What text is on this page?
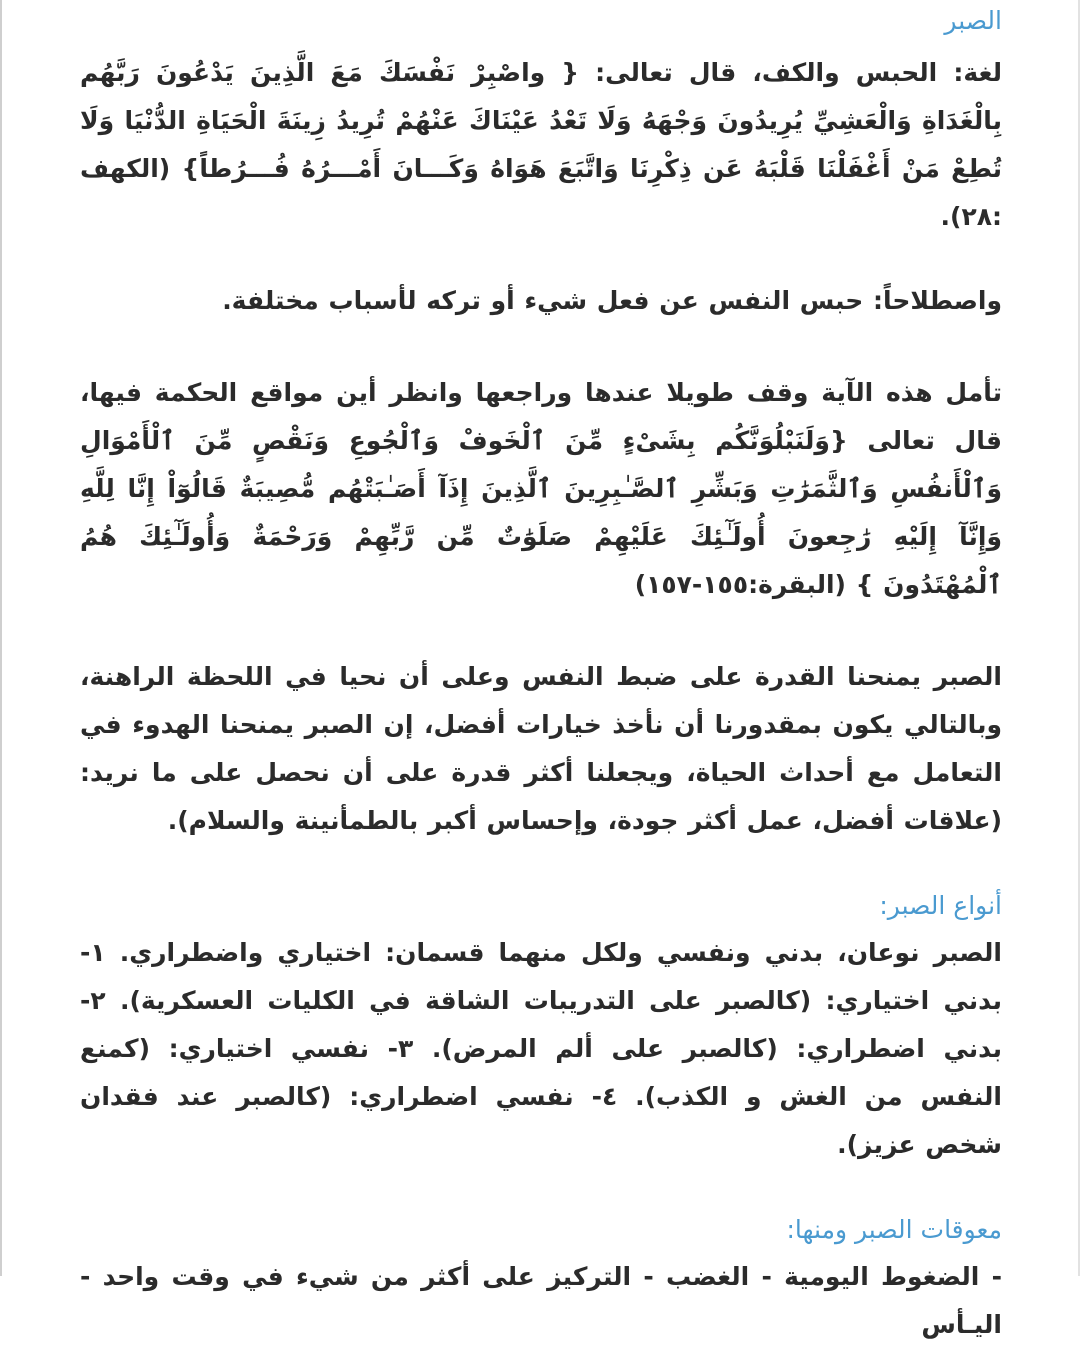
الصبر

لغة: الحبس والكف، قال تعالى: { واصْبِرْ نَفْسَكَ مَعَ الَّذِينَ يَدْعُونَ رَبَّهُم بِالْغَدَاةِ وَالْعَشِيِّ يُرِيدُونَ وَجْهَهُ وَلَا تَعْدُ عَيْنَاكَ عَنْهُمْ تُرِيدُ زِينَةَ الْحَيَاةِ الدُّنْيَا وَلَا تُطِعْ مَنْ أَغْفَلْنَا قَلْبَهُ عَن ذِكْرِنَا وَاتَّبَعَ هَوَاهُ وَكَـــانَ أَمْـــرُهُ فُـــرُطاً} (الكهف :٢٨).

واصطلاحاً: حبس النفس عن فعل شيء أو تركه لأسباب مختلفة.

تأمل هذه الآية وقف طويلا عندها وراجعها وانظر أين مواقع الحكمة فيها، قال تعالى {وَلَنَبْلُوَنَّكُم بِشَىْءٍ مِّنَ ٱلْخَوفْ وَٱلْجُوعِ وَنَقْصٍ مِّنَ ٱلْأَمْوَالِ وَٱلْأَنفُسِ وَٱلثَّمَرَٰتِ وَبَشِّرِ ٱلصَّـٰبِرِينَ ٱلَّذِينَ إِذَآ أَصَـٰبَتْهُم مُّصِيبَةٌ قَالُوٓاْ إِنَّا لِلَّهِ وَإِنَّآ إِلَيْهِ رَٰجِعونَ أُولَـٰٓئِكَ عَلَيْهِمْ صَلَوَٰتٌ مِّن رَّبِّهِمْ وَرَحْمَةٌ وَأُولَـٰٓئِكَ هُمُ ٱلْمُهْتَدُونَ } (البقرة:١٥٥-١٥٧)

الصبر يمنحنا القدرة على ضبط النفس وعلى أن نحيا في اللحظة الراهنة، وبالتالي يكون بمقدورنا أن نأخذ خيارات أفضل، إن الصبر يمنحنا الهدوء في التعامل مع أحداث الحياة، ويجعلنا أكثر قدرة على أن نحصل على ما نريد: (علاقات أفضل، عمل أكثر جودة، وإحساس أكبر بالطمأنينة والسلام).

أنواع الصبر:

الصبر نوعان، بدني ونفسي ولكل منهما قسمان: اختياري واضطراري. ١- بدني اختياري: (كالصبر على التدريبات الشاقة في الكليات العسكرية). ٢- بدني اضطراري: (كالصبر على ألم المرض). ٣- نفسي اختياري: (كمنع النفس من الغش و الكذب). ٤- نفسي اضطراري: (كالصبر عند فقدان شخص عزيز).

معوقات الصبر ومنها:

- الضغوط اليومية - الغضب - التركيز على أكثر من شيء في وقت واحد - اليـأس
